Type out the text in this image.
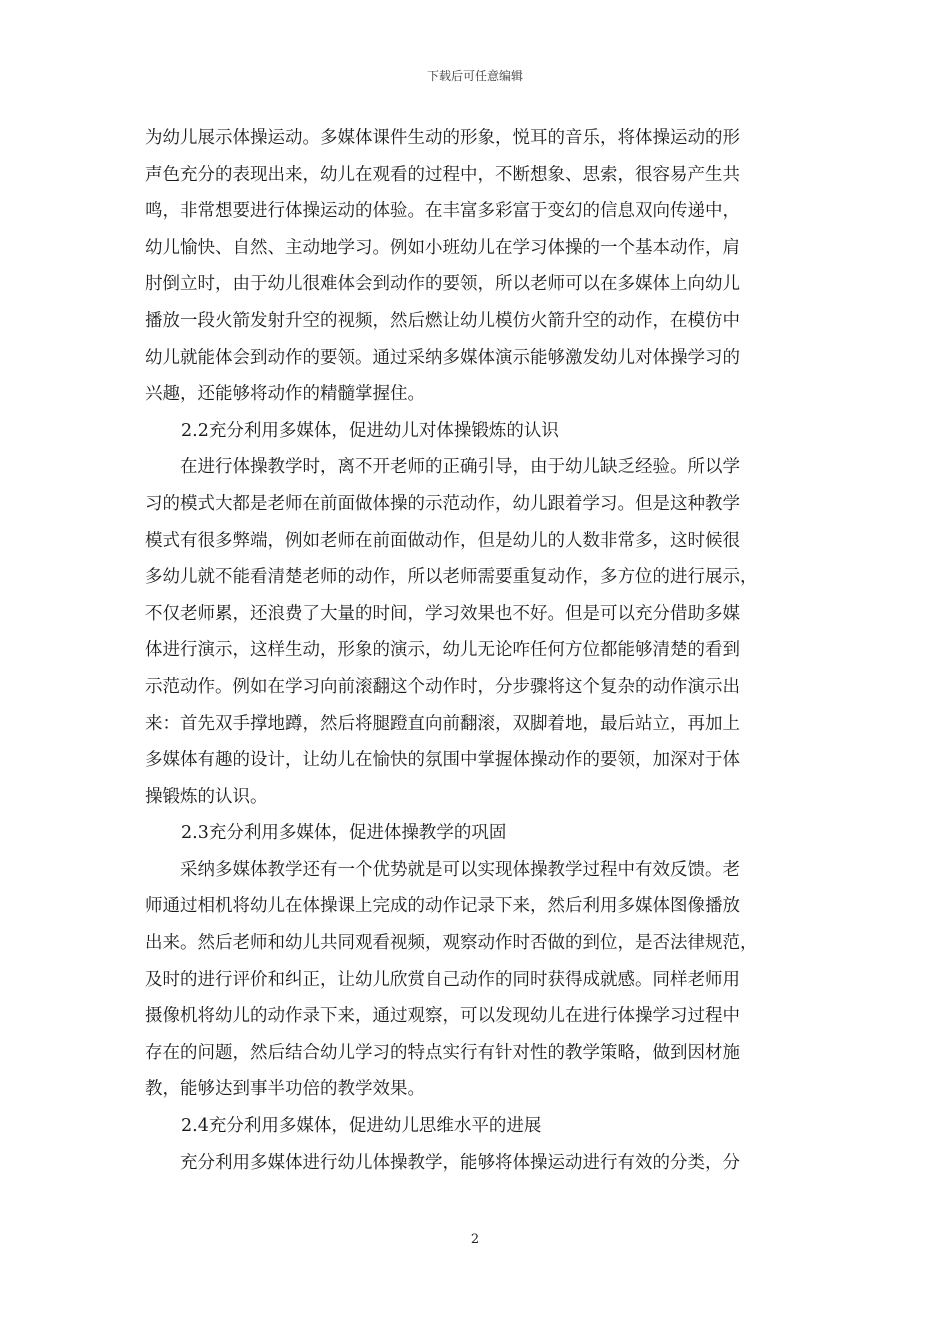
下载后可任意编辑
为幼儿展示体操运动。多媒体课件生动的形象，悦耳的音乐，将体操运动的形
声色充分的表现出来，幼儿在观看的过程中，不断想象、思索，很容易产生共
鸣，非常想要进行体操运动的体验。在丰富多彩富于变幻的信息双向传递中，
幼儿愉快、自然、主动地学习。例如小班幼儿在学习体操的一个基本动作，肩
肘倒立时，由于幼儿很难体会到动作的要领，所以老师可以在多媒体上向幼儿
播放一段火箭发射升空的视频，然后燃让幼儿模仿火箭升空的动作，在模仿中
幼儿就能体会到动作的要领。通过采纳多媒体演示能够激发幼儿对体操学习的
兴趣，还能够将动作的精髓掌握住。
2.2充分利用多媒体，促进幼儿对体操锻炼的认识
在进行体操教学时，离不开老师的正确引导，由于幼儿缺乏经验。所以学
习的模式大都是老师在前面做体操的示范动作，幼儿跟着学习。但是这种教学
模式有很多弊端，例如老师在前面做动作，但是幼儿的人数非常多，这时候很
多幼儿就不能看清楚老师的动作，所以老师需要重复动作，多方位的进行展示，
不仅老师累，还浪费了大量的时间，学习效果也不好。但是可以充分借助多媒
体进行演示，这样生动，形象的演示，幼儿无论咋任何方位都能够清楚的看到
示范动作。例如在学习向前滚翻这个动作时，分步骤将这个复杂的动作演示出
来：首先双手撑地蹲，然后将腿蹬直向前翻滚，双脚着地，最后站立，再加上
多媒体有趣的设计，让幼儿在愉快的氛围中掌握体操动作的要领，加深对于体
操锻炼的认识。
2.3充分利用多媒体，促进体操教学的巩固
采纳多媒体教学还有一个优势就是可以实现体操教学过程中有效反馈。老
师通过相机将幼儿在体操课上完成的动作记录下来，然后利用多媒体图像播放
出来。然后老师和幼儿共同观看视频，观察动作时否做的到位，是否法律规范，
及时的进行评价和纠正，让幼儿欣赏自己动作的同时获得成就感。同样老师用
摄像机将幼儿的动作录下来，通过观察，可以发现幼儿在进行体操学习过程中
存在的问题，然后结合幼儿学习的特点实行有针对性的教学策略，做到因材施
教，能够达到事半功倍的教学效果。
2.4充分利用多媒体，促进幼儿思维水平的进展
充分利用多媒体进行幼儿体操教学，能够将体操运动进行有效的分类，分
2
